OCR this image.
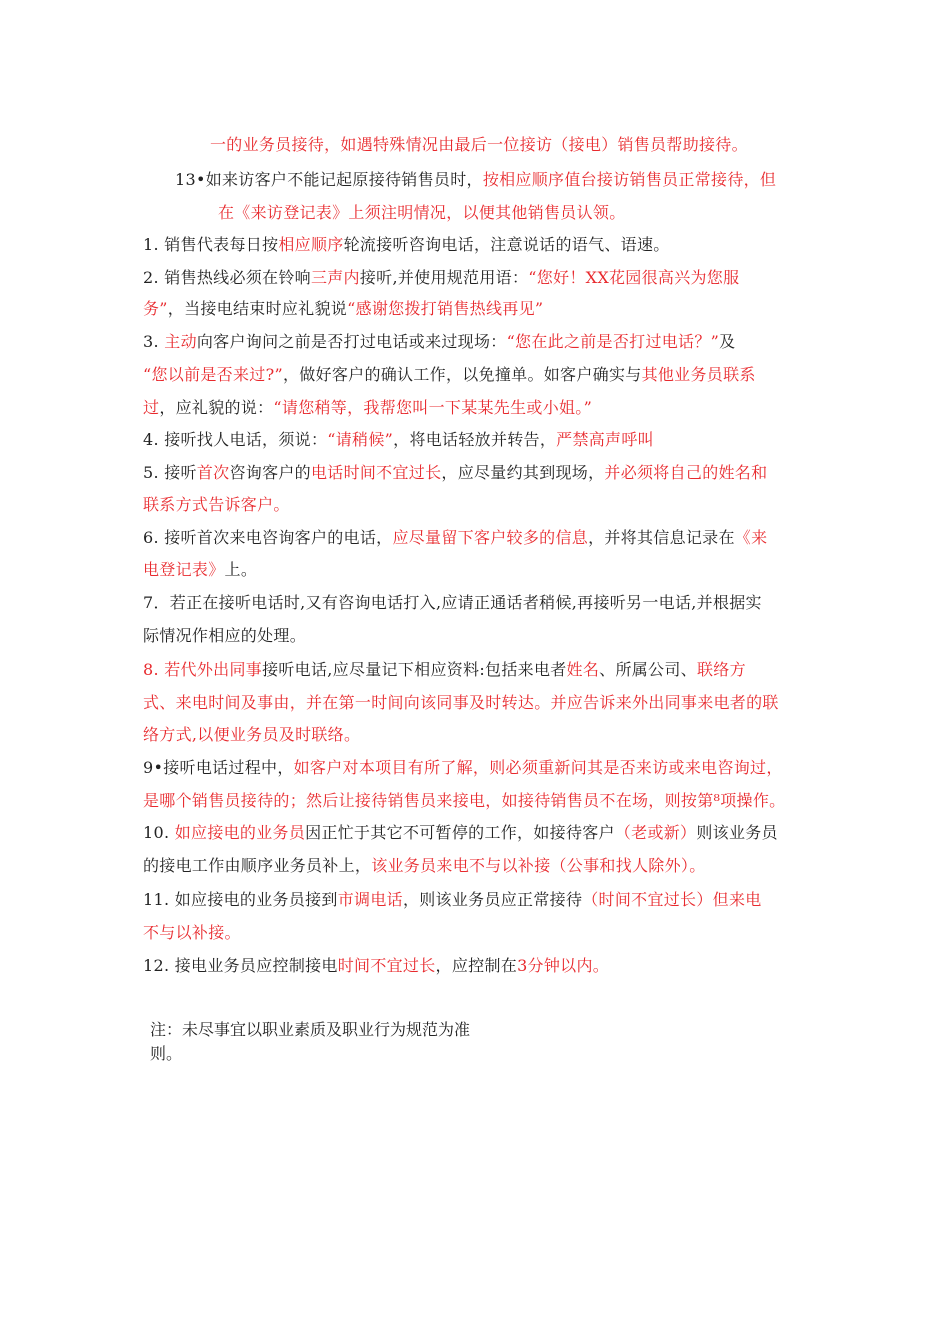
注：未尽事宜以职业素质及职业行为规范为准
则。
一的业务员接待，如遇特殊情况由最后一位接访（接电）销售员帮助接待。
13•如来访客户不能记起原接待销售员时，按相应顺序值台接访销售员正常接待，但
在《来访登记表》上须注明情况，以便其他销售员认领。
1. 销售代表每日按相应顺序轮流接听咨询电话，注意说话的语气、语速。
2. 销售热线必须在铃响三声内接听,并使用规范用语：“您好！XX花园很高兴为您服
务”，当接电结束时应礼貌说“感谢您拨打销售热线再见”
3. 主动向客户询问之前是否打过电话或来过现场：“您在此之前是否打过电话？”及
“您以前是否来过?”，做好客户的确认工作，以免撞单。如客户确实与其他业务员联系
过，应礼貌的说：“请您稍等，我帮您叫一下某某先生或小姐。”
4. 接听找人电话，须说：“请稍候”，将电话轻放并转告，严禁高声呼叫
5. 接听首次咨询客户的电话时间不宜过长，应尽量约其到现场，并必须将自己的姓名和
联系方式告诉客户。
6. 接听首次来电咨询客户的电话，应尽量留下客户较多的信息，并将其信息记录在《来
电登记表》上。
7．若正在接听电话时,又有咨询电话打入,应请正通话者稍候,再接听另一电话,并根据实
际情况作相应的处理。
8. 若代外出同事接听电话,应尽量记下相应资料:包括来电者姓名、所属公司、联络方
式、来电时间及事由，并在第一时间向该同事及时转达。并应告诉来外出同事来电者的联
络方式,以便业务员及时联络。
9•接听电话过程中，如客户对本项目有所了解，则必须重新问其是否来访或来电咨询过，
是哪个销售员接待的；然后让接待销售员来接电，如接待销售员不在场，则按第⁸项操作。
10. 如应接电的业务员因正忙于其它不可暂停的工作，如接待客户（老或新）则该业务员
的接电工作由顺序业务员补上，该业务员来电不与以补接（公事和找人除外）。
11. 如应接电的业务员接到市调电话，则该业务员应正常接待（时间不宜过长）但来电
不与以补接。
12. 接电业务员应控制接电时间不宜过长，应控制在3分钟以内。
